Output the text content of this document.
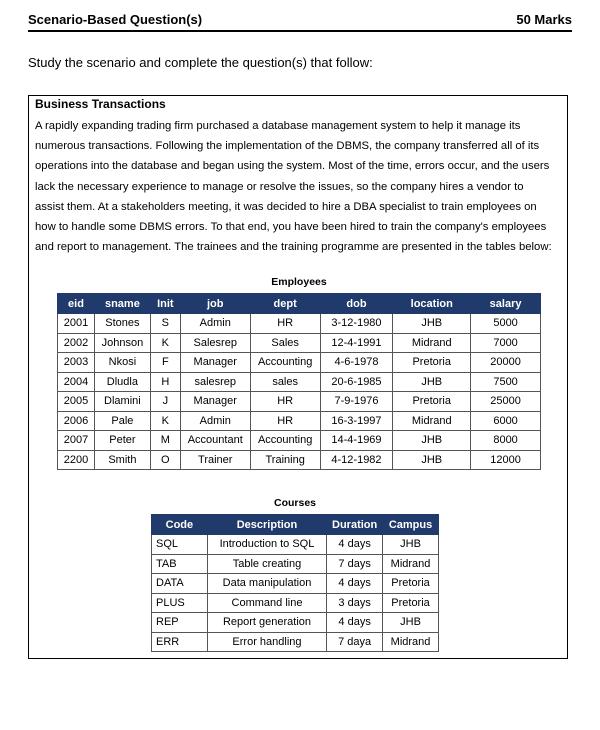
Scenario-Based Question(s)	50 Marks
Study the scenario and complete the question(s) that follow:
Business Transactions
A rapidly expanding trading firm purchased a database management system to help it manage its
numerous transactions. Following the implementation of the DBMS, the company transferred all of its
operations into the database and began using the system. Most of the time, errors occur, and the users
lack the necessary experience to manage or resolve the issues, so the company hires a vendor to
assist them. At a stakeholders meeting, it was decided to hire a DBA specialist to train employees on
how to handle some DBMS errors. To that end, you have been hired to train the company's employees
and report to management. The trainees and the training programme are presented in the tables below:
Employees
eid	sname	Init	job	dept	dob	location	salary
2001	Stones	S	Admin	HR	3-12-1980	JHB	5000
2002	Johnson	K	Salesrep	Sales	12-4-1991	Midrand	7000
2003	Nkosi	F	Manager	Accounting	4-6-1978	Pretoria	20000
2004	Dludla	H	salesrep	sales	20-6-1985	JHB	7500
2005	Dlamini	J	Manager	HR	7-9-1976	Pretoria	25000
2006	Pale	K	Admin	HR	16-3-1997	Midrand	6000
2007	Peter	M	Accountant	Accounting	14-4-1969	JHB	8000
2200	Smith	O	Trainer	Training	4-12-1982	JHB	12000
Courses
Code	Description	Duration	Campus
SQL	Introduction to SQL	4 days	JHB
TAB	Table creating	7 days	Midrand
DATA	Data manipulation	4 days	Pretoria
PLUS	Command line	3 days	Pretoria
REP	Report generation	4 days	JHB
ERR	Error handling	7 daya	Midrand
